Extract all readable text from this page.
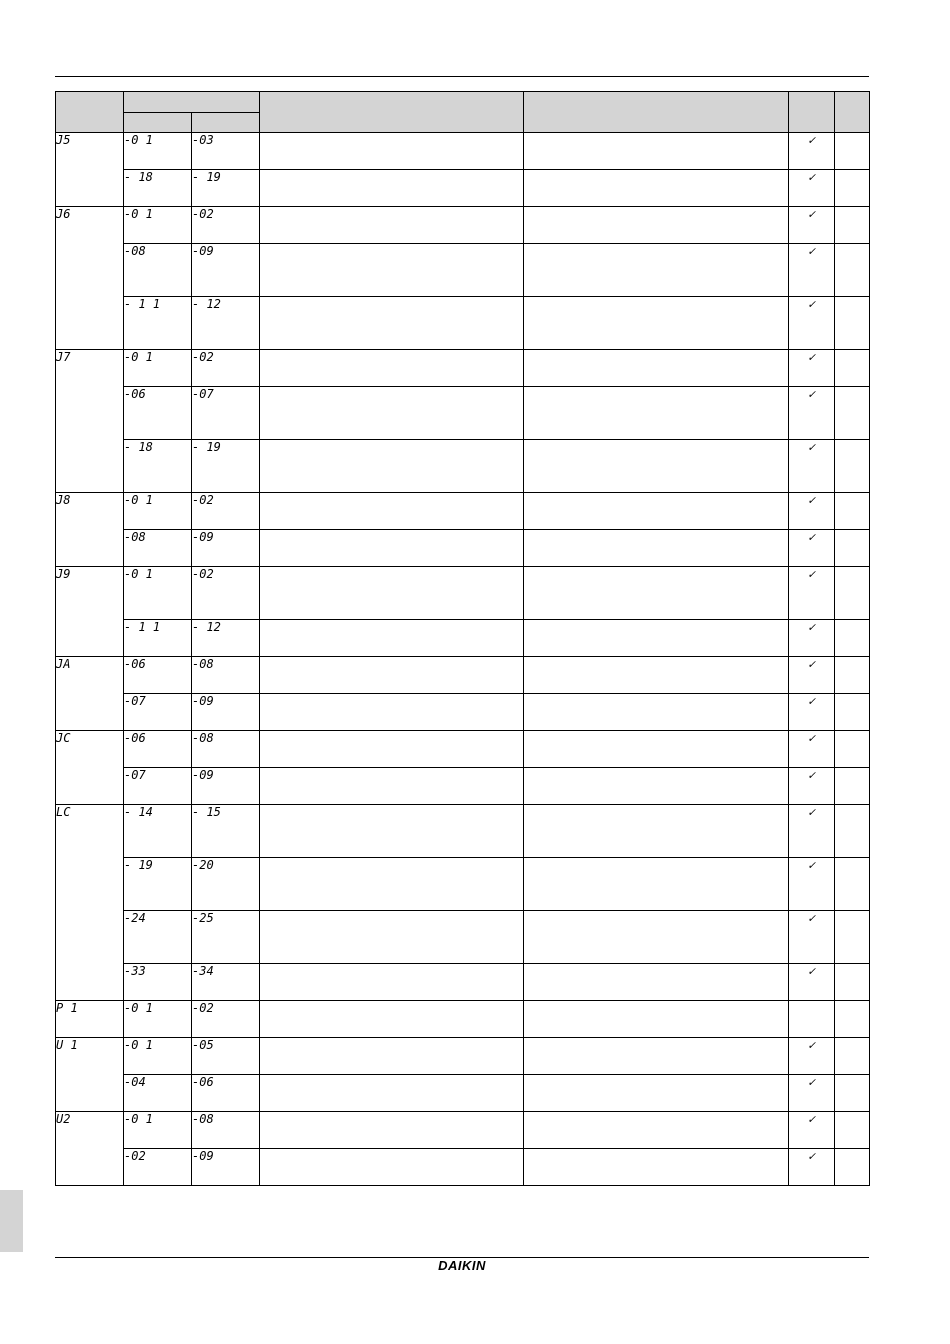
J5	-0 1	-03			✓	
	- 18	- 19			✓	
J6	-0 1	-02			✓	
	-08	-09			✓	
	- 1 1	- 12			✓	
J7	-0 1	-02			✓	
	-06	-07			✓	
	- 18	- 19			✓	
J8	-0 1	-02			✓	
	-08	-09			✓	
J9	-0 1	-02			✓	
	- 1 1	- 12			✓	
JA	-06	-08			✓	
	-07	-09			✓	
JC	-06	-08			✓	
	-07	-09			✓	
LC	- 14	- 15			✓	
	- 19	-20			✓	
	-24	-25			✓	
	-33	-34			✓	
P 1	-0 1	-02				
U 1	-0 1	-05			✓	
	-04	-06			✓	
U2	-0 1	-08			✓	
	-02	-09			✓	
DAIKIN
